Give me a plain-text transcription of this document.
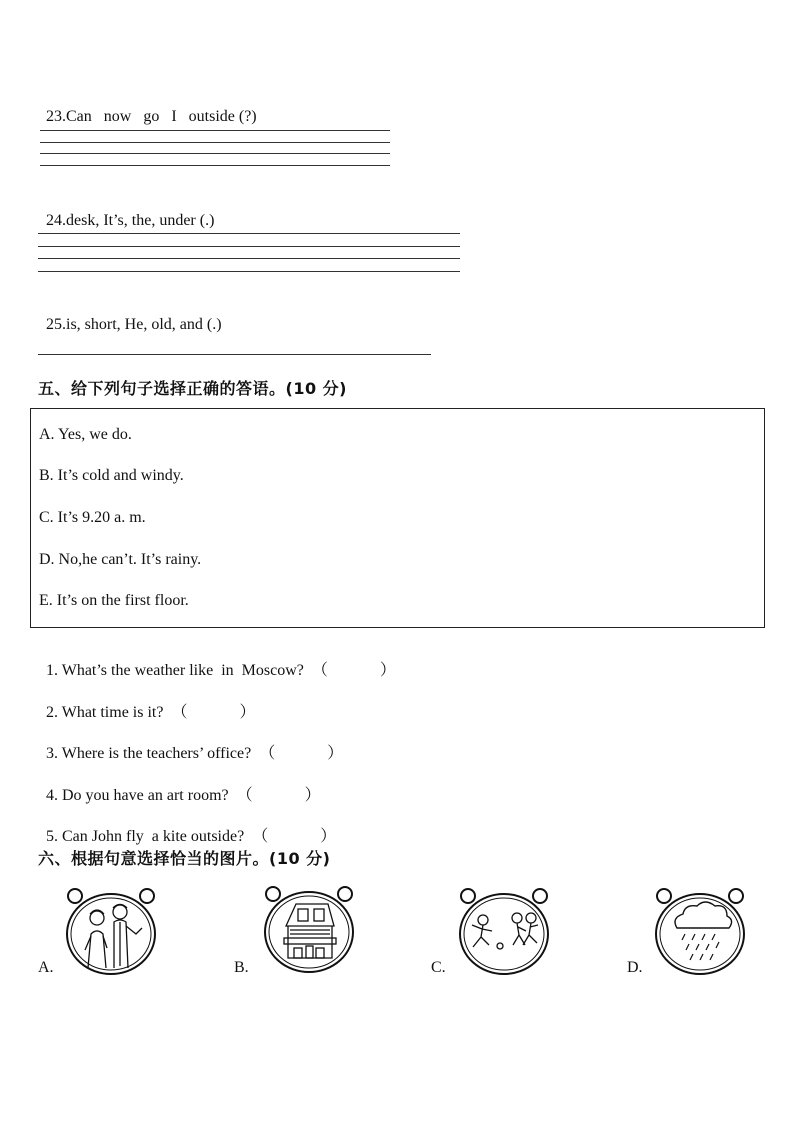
23.Can   now   go   I   outside (?)

24.desk, It’s, the, under (.)

25.is, short, He, old, and (.)

五、给下列句子选择正确的答语。(10 分)
A. Yes, we do.
B. It’s cold and windy.
C. It’s 9.20 a. m.
D. No,he can’t. It’s rainy.
E. It’s on the first floor.

1. What’s the weather like  in  Moscow? （	）

2. What time is it? （	）

3. Where is the teachers’ office? （	）

4. Do you have an art room? （	）

5. Can John fly  a kite outside? （	）

六、根据句意选择恰当的图片。(10 分)
A.	B.	C.	D.
